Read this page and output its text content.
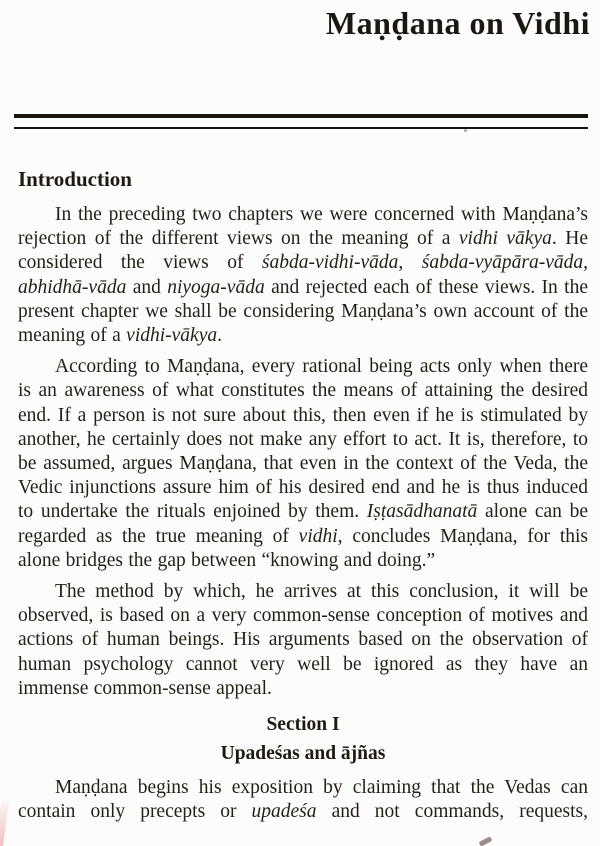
Maṇḍana on Vidhi
Introduction

In the preceding two chapters we were concerned with Maṇḍana’s rejection of the different views on the meaning of a vidhi vākya. He considered the views of śabda-vidhi-vāda, śabda-vyāpāra-vāda, abhidhā-vāda and niyoga-vāda and rejected each of these views. In the present chapter we shall be considering Maṇḍana’s own account of the meaning of a vidhi-vākya.

According to Maṇḍana, every rational being acts only when there is an awareness of what constitutes the means of attaining the desired end. If a person is not sure about this, then even if he is stimulated by another, he certainly does not make any effort to act. It is, therefore, to be assumed, argues Maṇḍana, that even in the context of the Veda, the Vedic injunctions assure him of his desired end and he is thus induced to undertake the rituals enjoined by them. Iṣṭasādhanatā alone can be regarded as the true meaning of vidhi, concludes Maṇḍana, for this alone bridges the gap between “knowing and doing.”

The method by which, he arrives at this conclusion, it will be observed, is based on a very common-sense conception of motives and actions of human beings. His arguments based on the observation of human psychology cannot very well be ignored as they have an immense common-sense appeal.

Section I
Upadeśas and ājñas

Maṇḍana begins his exposition by claiming that the Vedas can contain only precepts or upadeśa and not commands, requests,
